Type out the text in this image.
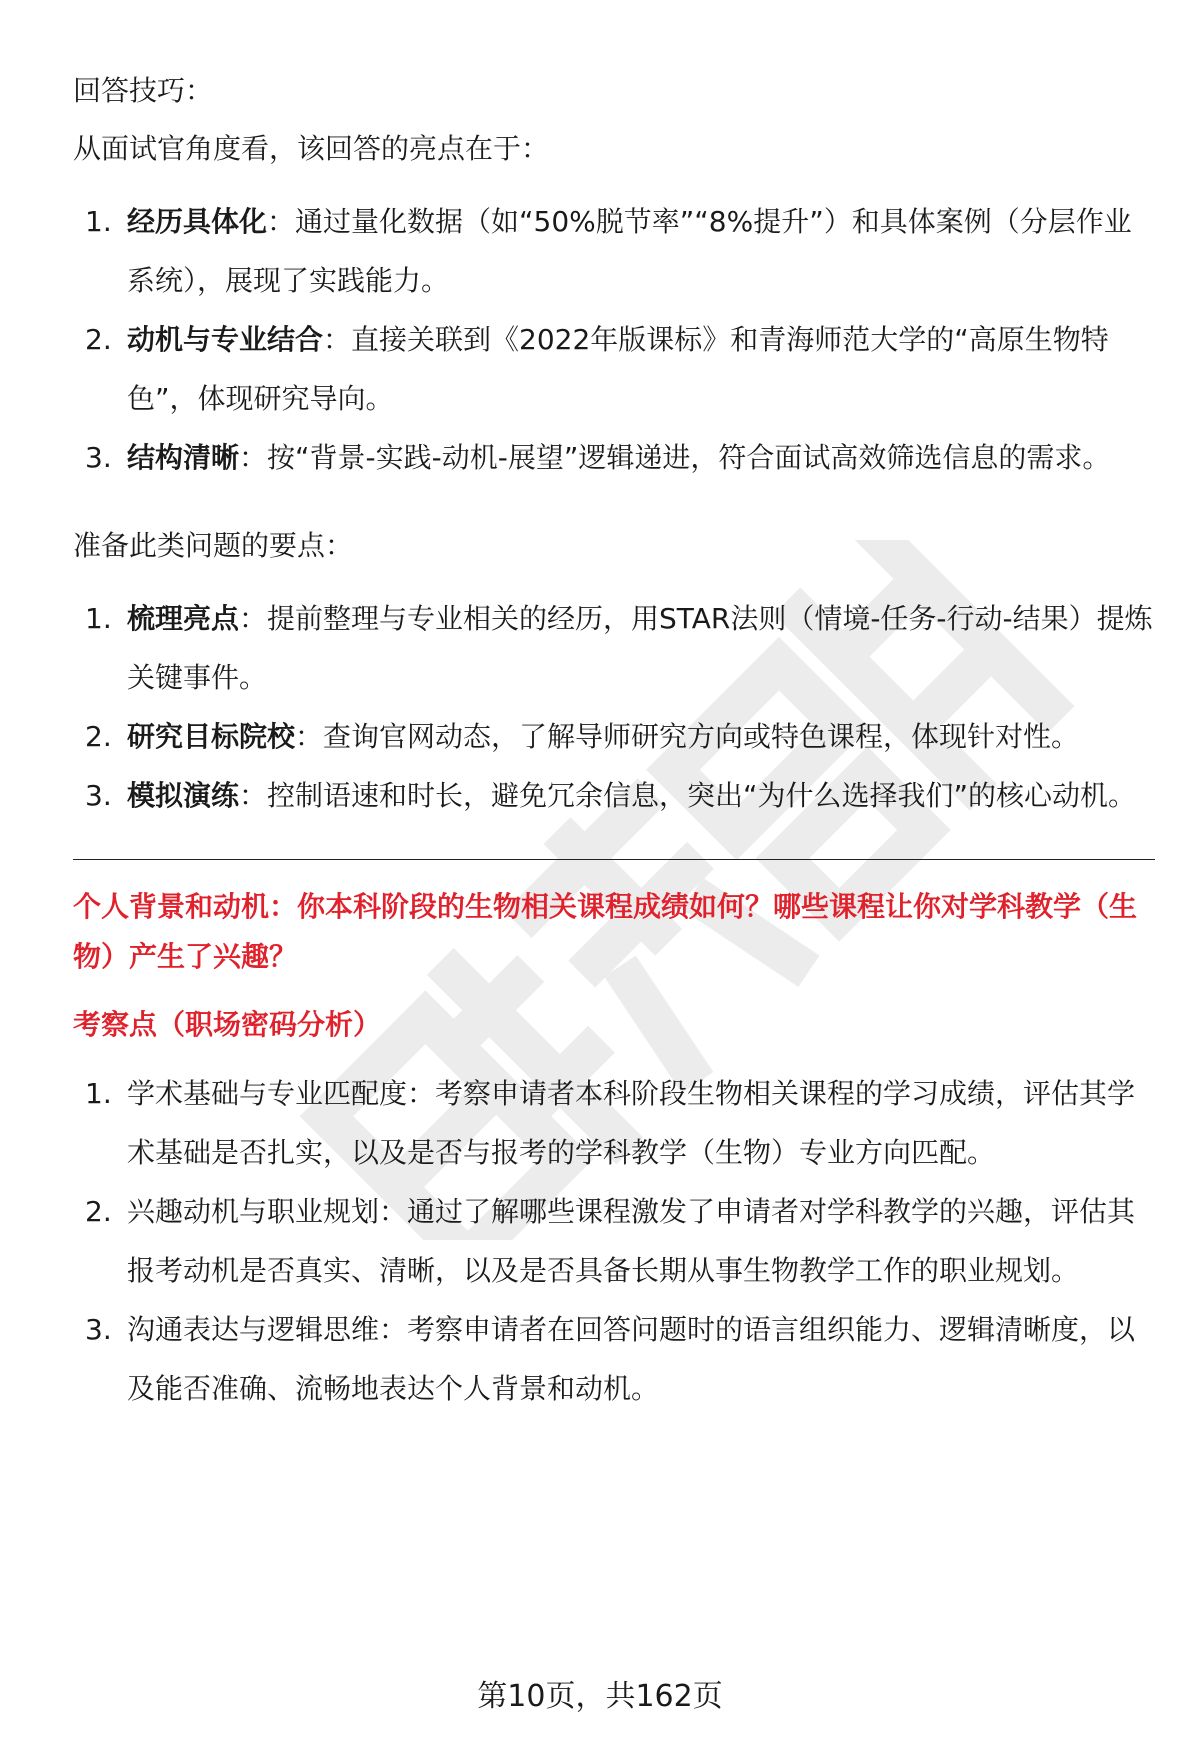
回答技巧：

从面试官角度看，该回答的亮点在于：

1. 经历具体化：通过量化数据（如“50%脱节率”“8%提升”）和具体案例（分层作业系统），展现了实践能力。
2. 动机与专业结合：直接关联到《2022年版课标》和青海师范大学的“高原生物特色”，体现研究导向。
3. 结构清晰：按“背景-实践-动机-展望”逻辑递进，符合面试高效筛选信息的需求。

准备此类问题的要点：

1. 梳理亮点：提前整理与专业相关的经历，用STAR法则（情境-任务-行动-结果）提炼关键事件。
2. 研究目标院校：查询官网动态，了解导师研究方向或特色课程，体现针对性。
3. 模拟演练：控制语速和时长，避免冗余信息，突出“为什么选择我们”的核心动机。

个人背景和动机：你本科阶段的生物相关课程成绩如何？哪些课程让你对学科教学（生物）产生了兴趣？

考察点（职场密码分析）

1. 学术基础与专业匹配度：考察申请者本科阶段生物相关课程的学习成绩，评估其学术基础是否扎实，以及是否与报考的学科教学（生物）专业方向匹配。
2. 兴趣动机与职业规划：通过了解哪些课程激发了申请者对学科教学的兴趣，评估其报考动机是否真实、清晰，以及是否具备长期从事生物教学工作的职业规划。
3. 沟通表达与逻辑思维：考察申请者在回答问题时的语言组织能力、逻辑清晰度，以及能否准确、流畅地表达个人背景和动机。
第10页，共162页
